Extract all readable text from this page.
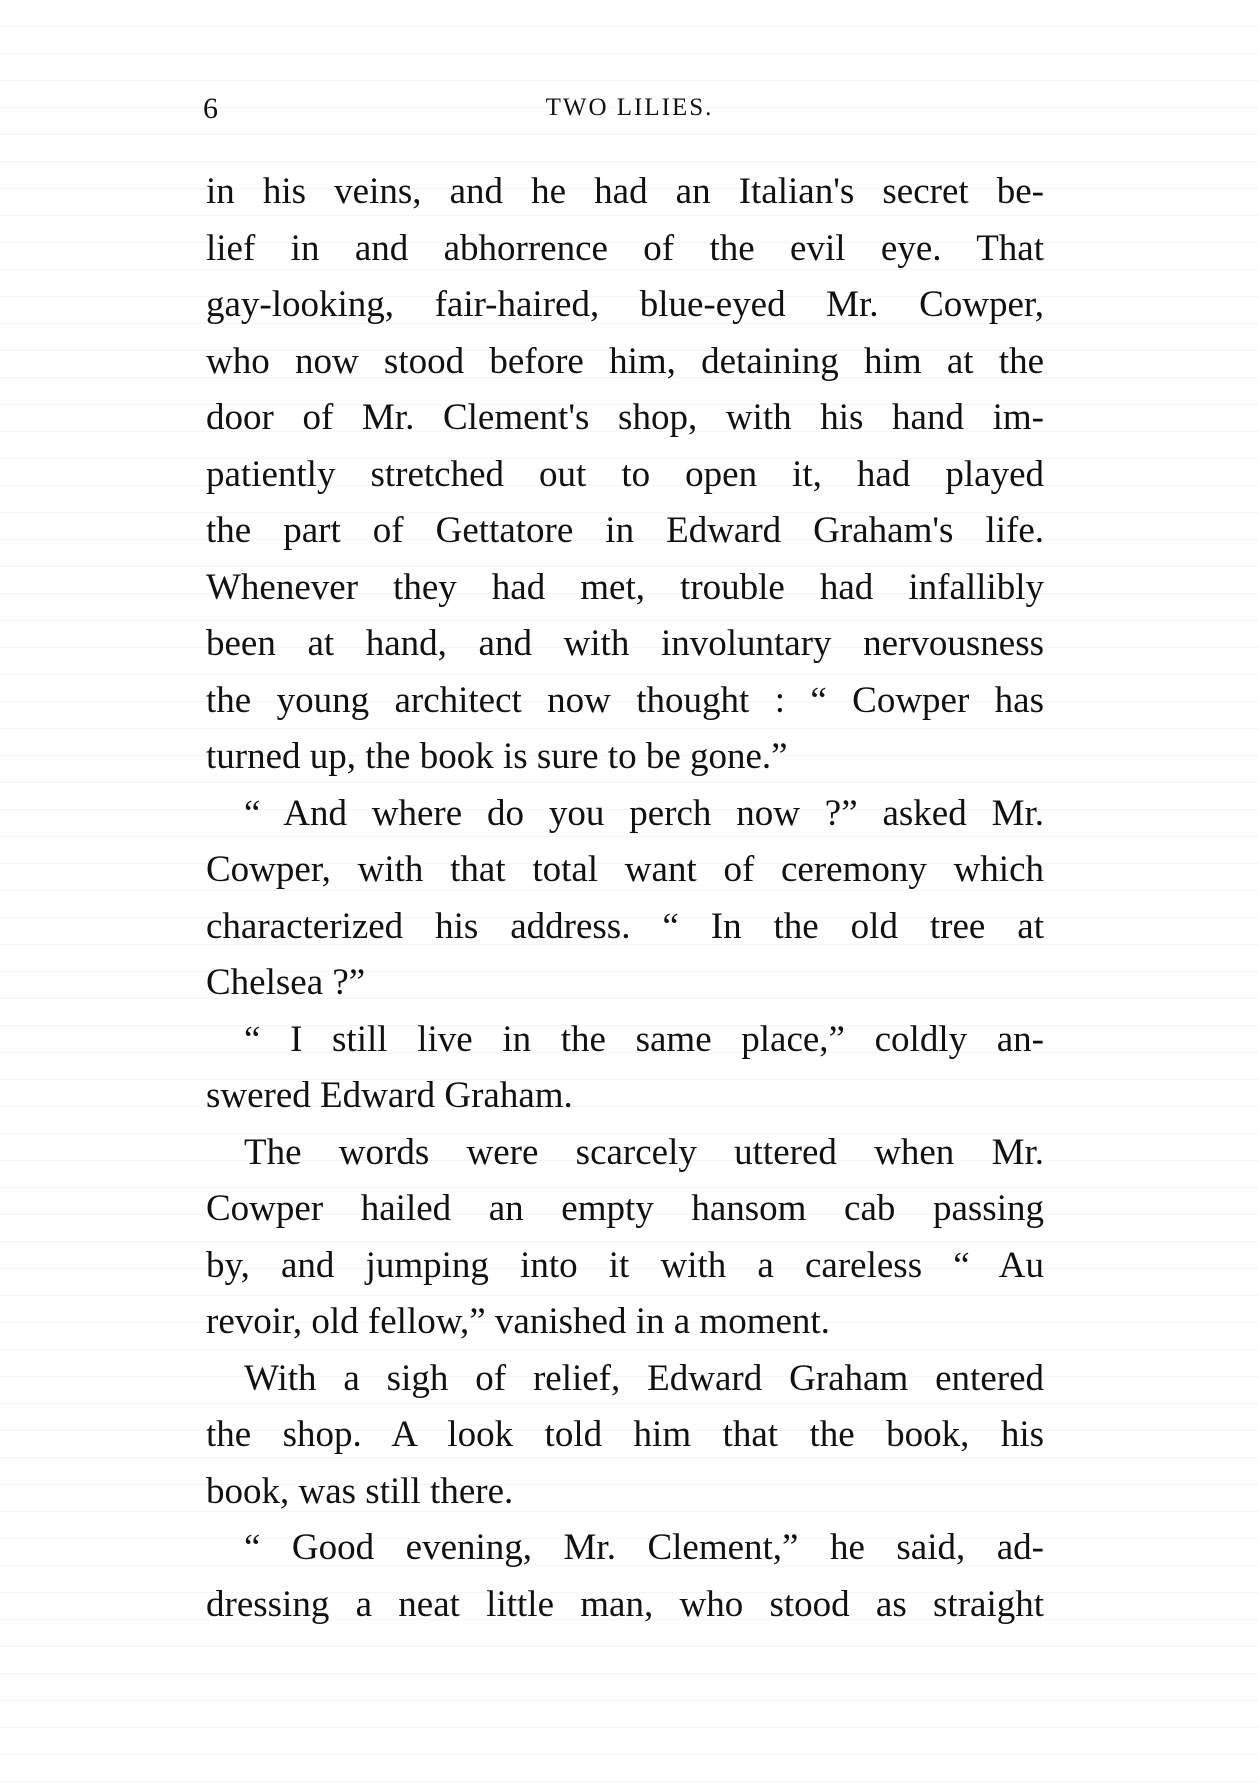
6	TWO LILIES.
in his veins, and he had an Italian's secret be-
lief in and abhorrence of the evil eye. That
gay-looking, fair-haired, blue-eyed Mr. Cowper,
who now stood before him, detaining him at the
door of Mr. Clement's shop, with his hand im-
patiently stretched out to open it, had played
the part of Gettatore in Edward Graham's life.
Whenever they had met, trouble had infallibly
been at hand, and with involuntary nervousness
the young architect now thought : “ Cowper has
turned up, the book is sure to be gone.”
“ And where do you perch now ?” asked Mr.
Cowper, with that total want of ceremony which
characterized his address. “ In the old tree at
Chelsea ?”
“ I still live in the same place,” coldly an-
swered Edward Graham.
The words were scarcely uttered when Mr.
Cowper hailed an empty hansom cab passing
by, and jumping into it with a careless “ Au
revoir, old fellow,” vanished in a moment.
With a sigh of relief, Edward Graham entered
the shop. A look told him that the book, his
book, was still there.
“ Good evening, Mr. Clement,” he said, ad-
dressing a neat little man, who stood as straight
